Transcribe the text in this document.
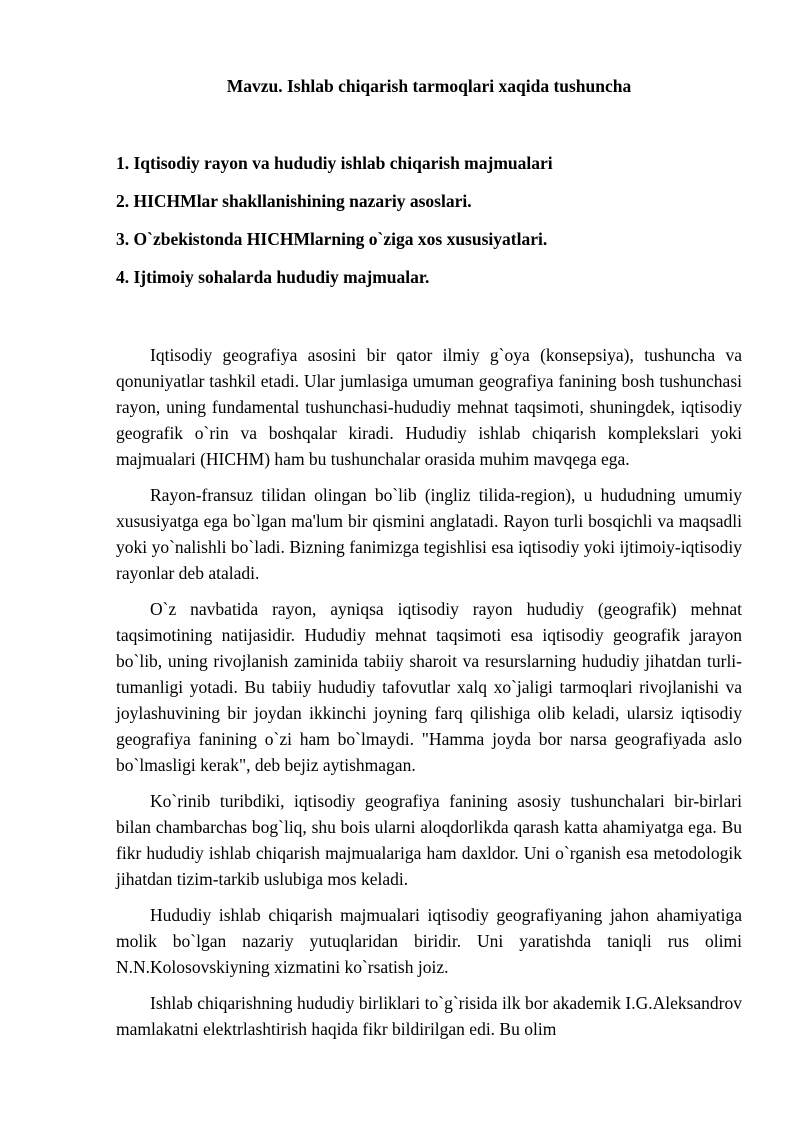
Mavzu. Ishlab chiqarish tarmoqlari xaqida tushuncha
1. Iqtisodiy rayon va hududiy ishlab chiqarish majmualari
2. HICHMlar shakllanishining nazariy asoslari.
3. O`zbekistonda HICHMlarning o`ziga xos xususiyatlari.
4. Ijtimoiy sohalarda hududiy majmualar.

Iqtisodiy geografiya asosini bir qator ilmiy g`oya (konsepsiya), tushuncha va qonuniyatlar tashkil etadi. Ular jumlasiga umuman geografiya fanining bosh tushunchasi rayon, uning fundamental tushunchasi-hududiy mehnat taqsimoti, shuningdek, iqtisodiy geografik o`rin va boshqalar kiradi. Hududiy ishlab chiqarish komplekslari yoki majmualari (HICHM) ham bu tushunchalar orasida muhim mavqega ega.

Rayon-fransuz tilidan olingan bo`lib (ingliz tilida-region), u hududning umumiy xususiyatga ega bo`lgan ma'lum bir qismini anglatadi. Rayon turli bosqichli va maqsadli yoki yo`nalishli bo`ladi. Bizning fanimizga tegishlisi esa iqtisodiy yoki ijtimoiy-iqtisodiy rayonlar deb ataladi.

O`z navbatida rayon, ayniqsa iqtisodiy rayon hududiy (geografik) mehnat taqsimotining natijasidir. Hududiy mehnat taqsimoti esa iqtisodiy geografik jarayon bo`lib, uning rivojlanish zaminida tabiiy sharoit va resurslarning hududiy jihatdan turli-tumanligi yotadi. Bu tabiiy hududiy tafovutlar xalq xo`jaligi tarmoqlari rivojlanishi va joylashuvining bir joydan ikkinchi joyning farq qilishiga olib keladi, ularsiz iqtisodiy geografiya fanining o`zi ham bo`lmaydi. "Hamma joyda bor narsa geografiyada aslo bo`lmasligi kerak", deb bejiz aytishmagan.

Ko`rinib turibdiki, iqtisodiy geografiya fanining asosiy tushunchalari bir-birlari bilan chambarchas bog`liq, shu bois ularni aloqdorlikda qarash katta ahamiyatga ega. Bu fikr hududiy ishlab chiqarish majmualariga ham daxldor. Uni o`rganish esa metodologik jihatdan tizim-tarkib uslubiga mos keladi.

Hududiy ishlab chiqarish majmualari iqtisodiy geografiyaning jahon ahamiyatiga molik bo`lgan nazariy yutuqlaridan biridir. Uni yaratishda taniqli rus olimi N.N.Kolosovskiyning xizmatini ko`rsatish joiz.

Ishlab chiqarishning hududiy birliklari to`g`risida ilk bor akademik I.G.Aleksandrov mamlakatni elektrlashtirish haqida fikr bildirilgan edi. Bu olim
